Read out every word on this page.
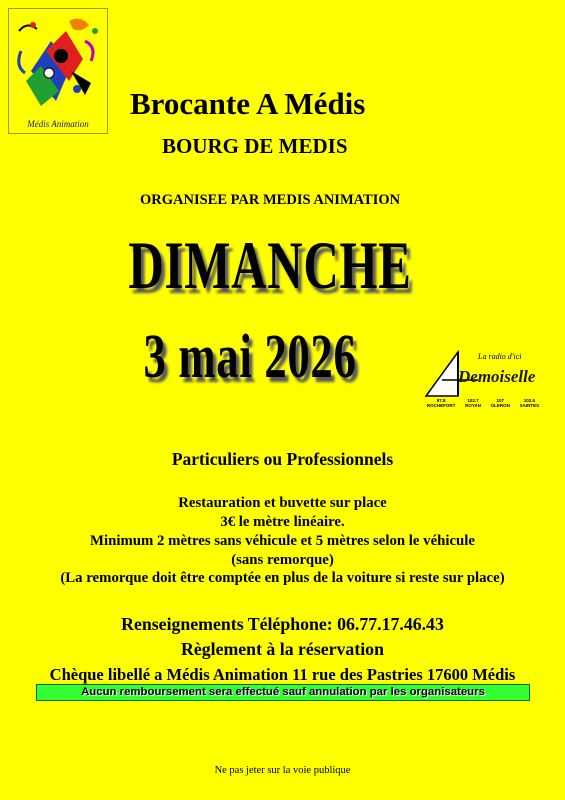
Médis Animation
Brocante A Médis
BOURG DE MEDIS
ORGANISEE PAR MEDIS ANIMATION
DIMANCHE
3 mai 2026	La radio d'ici
Demoiselle
97.8
ROCHEFORT
102.7
ROYAN
107
OLERON
102.5
SAINTES
Particuliers ou Professionnels
Restauration et buvette sur place
3€ le mètre linéaire.
Minimum 2 mètres sans véhicule et 5 mètres selon le véhicule
(sans remorque)
(La remorque doit être comptée en plus de la voiture si reste sur place)
Renseignements Téléphone: 06.77.17.46.43
Règlement à la réservation
Chèque libellé a Médis Animation 11 rue des Pastries 17600 Médis
Aucun remboursement sera effectué sauf annulation par les organisateurs
Ne pas jeter sur la voie publique
